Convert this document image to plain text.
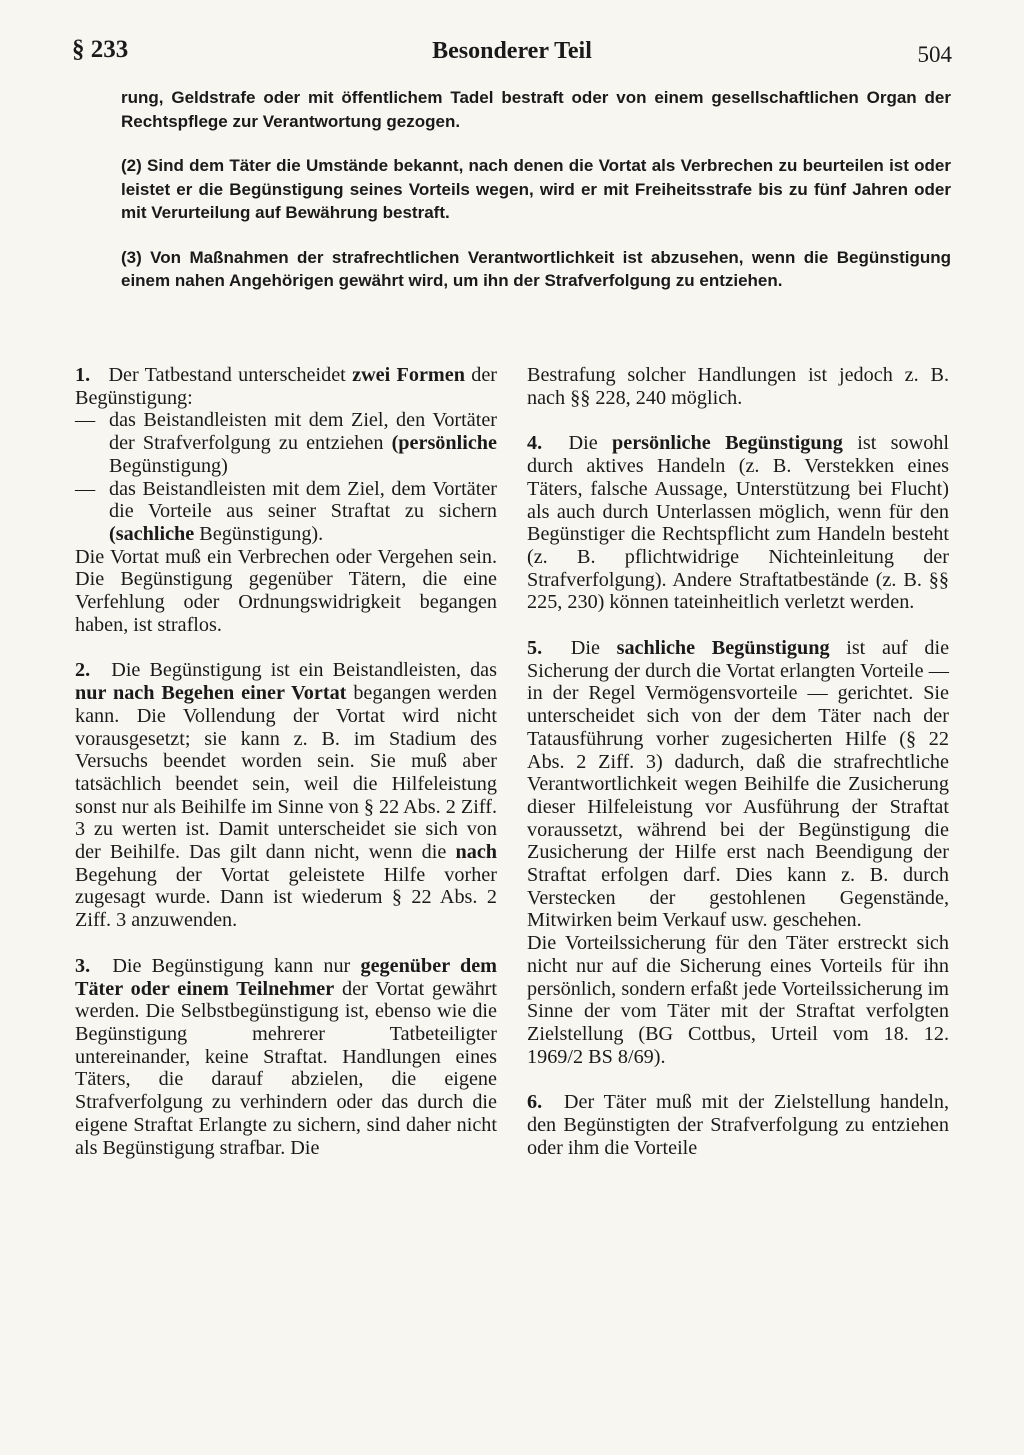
§ 233	Besonderer Teil	504

rung, Geldstrafe oder mit öffentlichem Tadel bestraft oder von einem gesellschaftlichen Organ der Rechtspflege zur Verantwortung gezogen.

(2) Sind dem Täter die Umstände bekannt, nach denen die Vortat als Verbrechen zu beurteilen ist oder leistet er die Begünstigung seines Vorteils wegen, wird er mit Freiheitsstrafe bis zu fünf Jahren oder mit Verurteilung auf Bewährung bestraft.

(3) Von Maßnahmen der strafrechtlichen Verantwortlichkeit ist abzusehen, wenn die Begünstigung einem nahen Angehörigen gewährt wird, um ihn der Strafverfolgung zu entziehen.

1. Der Tatbestand unterscheidet zwei Formen der Begünstigung:

— das Beistandleisten mit dem Ziel, den Vortäter der Strafverfolgung zu entziehen (persönliche Begünstigung)
— das Beistandleisten mit dem Ziel, dem Vortäter die Vorteile aus seiner Straftat zu sichern (sachliche Begünstigung).

Die Vortat muß ein Verbrechen oder Vergehen sein. Die Begünstigung gegenüber Tätern, die eine Verfehlung oder Ordnungswidrigkeit begangen haben, ist straflos.

2. Die Begünstigung ist ein Beistandleisten, das nur nach Begehen einer Vortat begangen werden kann. Die Vollendung der Vortat wird nicht vorausgesetzt; sie kann z. B. im Stadium des Versuchs beendet worden sein. Sie muß aber tatsächlich beendet sein, weil die Hilfeleistung sonst nur als Beihilfe im Sinne von § 22 Abs. 2 Ziff. 3 zu werten ist. Damit unterscheidet sie sich von der Beihilfe. Das gilt dann nicht, wenn die nach Begehung der Vortat geleistete Hilfe vorher zugesagt wurde. Dann ist wiederum § 22 Abs. 2 Ziff. 3 anzuwenden.

3. Die Begünstigung kann nur gegenüber dem Täter oder einem Teilnehmer der Vortat gewährt werden. Die Selbstbegünstigung ist, ebenso wie die Begünstigung mehrerer Tatbeteiligter untereinander, keine Straftat. Handlungen eines Täters, die darauf abzielen, die eigene Strafverfolgung zu verhindern oder das durch die eigene Straftat Erlangte zu sichern, sind daher nicht als Begünstigung strafbar. Die

Bestrafung solcher Handlungen ist jedoch z. B. nach §§ 228, 240 möglich.

4. Die persönliche Begünstigung ist sowohl durch aktives Handeln (z. B. Verstekken eines Täters, falsche Aussage, Unterstützung bei Flucht) als auch durch Unterlassen möglich, wenn für den Begünstiger die Rechtspflicht zum Handeln besteht (z. B. pflichtwidrige Nichteinleitung der Strafverfolgung). Andere Straftatbestände (z. B. §§ 225, 230) können tateinheitlich verletzt werden.

5. Die sachliche Begünstigung ist auf die Sicherung der durch die Vortat erlangten Vorteile — in der Regel Vermögensvorteile — gerichtet. Sie unterscheidet sich von der dem Täter nach der Tatausführung vorher zugesicherten Hilfe (§ 22 Abs. 2 Ziff. 3) dadurch, daß die strafrechtliche Verantwortlichkeit wegen Beihilfe die Zusicherung dieser Hilfeleistung vor Ausführung der Straftat voraussetzt, während bei der Begünstigung die Zusicherung der Hilfe erst nach Beendigung der Straftat erfolgen darf. Dies kann z. B. durch Verstecken der gestohlenen Gegenstände, Mitwirken beim Verkauf usw. geschehen.

Die Vorteilssicherung für den Täter erstreckt sich nicht nur auf die Sicherung eines Vorteils für ihn persönlich, sondern erfaßt jede Vorteilssicherung im Sinne der vom Täter mit der Straftat verfolgten Zielstellung (BG Cottbus, Urteil vom 18. 12. 1969/2 BS 8/69).

6. Der Täter muß mit der Zielstellung handeln, den Begünstigten der Strafverfolgung zu entziehen oder ihm die Vorteile
